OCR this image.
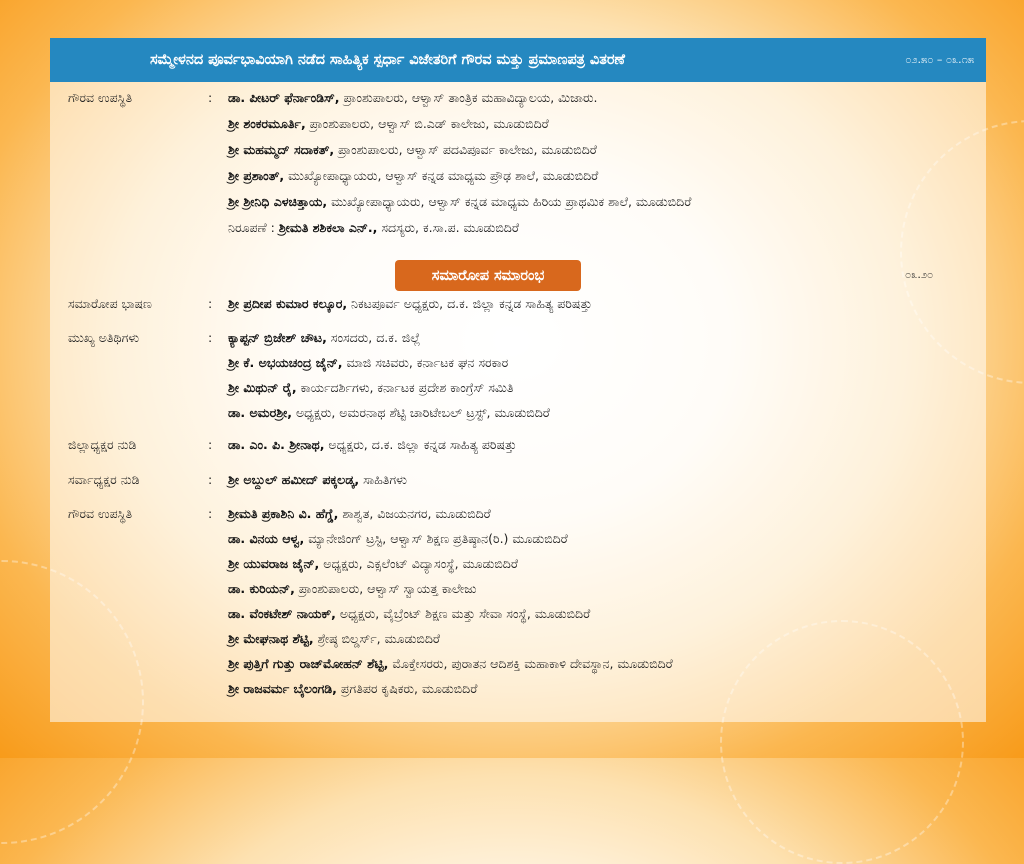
ಸಮ್ಮೇಳನದ ಪೂರ್ವಭಾವಿಯಾಗಿ ನಡೆದ ಸಾಹಿತ್ಯಿಕ ಸ್ಪರ್ಧಾ ವಿಜೇತರಿಗೆ ಗೌರವ ಮತ್ತು ಪ್ರಮಾಣಪತ್ರ ವಿತರಣೆ	೦೨.೫೦ – ೦೩.೧೫
ಗೌರವ ಉಪಸ್ಥಿತಿ	: ಡಾ. ಪೀಟರ್ ಫೆರ್ನಾಂಡಿಸ್, ಪ್ರಾಂಶುಪಾಲರು, ಆಳ್ವಾಸ್ ತಾಂತ್ರಿಕ ಮಹಾವಿದ್ಯಾಲಯ, ಮಿಜಾರು.
ಶ್ರೀ ಶಂಕರಮೂರ್ತಿ, ಪ್ರಾಂಶುಪಾಲರು, ಆಳ್ವಾಸ್ ಬಿ.ಎಡ್ ಕಾಲೇಜು, ಮೂಡುಬಿದಿರೆ
ಶ್ರೀ ಮಹಮ್ಮದ್ ಸದಾಕತ್, ಪ್ರಾಂಶುಪಾಲರು, ಆಳ್ವಾಸ್ ಪದವಿಪೂರ್ವ ಕಾಲೇಜು, ಮೂಡುಬಿದಿರೆ
ಶ್ರೀ ಪ್ರಶಾಂತ್, ಮುಖ್ಯೋಪಾಧ್ಯಾಯರು, ಆಳ್ವಾಸ್ ಕನ್ನಡ ಮಾಧ್ಯಮ ಪ್ರೌಢ ಶಾಲೆ, ಮೂಡುಬಿದಿರೆ
ಶ್ರೀ ಶ್ರೀನಿಧಿ ಎಳಚಿತ್ತಾಯ, ಮುಖ್ಯೋಪಾಧ್ಯಾಯರು, ಆಳ್ವಾಸ್ ಕನ್ನಡ ಮಾಧ್ಯಮ ಹಿರಿಯ ಪ್ರಾಥಮಿಕ ಶಾಲೆ, ಮೂಡುಬಿದಿರೆ
ನಿರೂಪಣೆ : ಶ್ರೀಮತಿ ಶಶಿಕಲಾ ಎನ್., ಸದಸ್ಯರು, ಕ.ಸಾ.ಪ. ಮೂಡುಬಿದಿರೆ
ಸಮಾರೋಪ ಸಮಾರಂಭ	೦೩.೨೦
ಸಮಾರೋಪ ಭಾಷಣ	: ಶ್ರೀ ಪ್ರದೀಪ ಕುಮಾರ ಕಲ್ಕೂರ, ನಿಕಟಪೂರ್ವ ಅಧ್ಯಕ್ಷರು, ದ.ಕ. ಜಿಲ್ಲಾ ಕನ್ನಡ ಸಾಹಿತ್ಯ ಪರಿಷತ್ತು
ಮುಖ್ಯ ಅತಿಥಿಗಳು	: ಕ್ಯಾಪ್ಟನ್ ಬ್ರಿಜೇಶ್ ಚೌಟ, ಸಂಸದರು, ದ.ಕ. ಜಿಲ್ಲೆ
ಶ್ರೀ ಕೆ. ಅಭಯಚಂದ್ರ ಜೈನ್, ಮಾಜಿ ಸಚಿವರು, ಕರ್ನಾಟಕ ಘನ ಸರಕಾರ
ಶ್ರೀ ಮಿಥುನ್ ರೈ, ಕಾರ್ಯದರ್ಶಿಗಳು, ಕರ್ನಾಟಕ ಪ್ರದೇಶ ಕಾಂಗ್ರೆಸ್ ಸಮಿತಿ
ಡಾ. ಅಮರಶ್ರೀ, ಅಧ್ಯಕ್ಷರು, ಅಮರನಾಥ ಶೆಟ್ಟಿ ಚಾರಿಟೇಬಲ್ ಟ್ರಸ್ಟ್, ಮೂಡುಬಿದಿರೆ
ಜಿಲ್ಲಾಧ್ಯಕ್ಷರ ನುಡಿ	: ಡಾ. ಎಂ. ಪಿ. ಶ್ರೀನಾಥ, ಅಧ್ಯಕ್ಷರು, ದ.ಕ. ಜಿಲ್ಲಾ ಕನ್ನಡ ಸಾಹಿತ್ಯ ಪರಿಷತ್ತು
ಸರ್ವಾಧ್ಯಕ್ಷರ ನುಡಿ	: ಶ್ರೀ ಅಬ್ದುಲ್ ಹಮೀದ್ ಪಕ್ಕಲಡ್ಕ, ಸಾಹಿತಿಗಳು
ಗೌರವ ಉಪಸ್ಥಿತಿ	: ಶ್ರೀಮತಿ ಪ್ರಕಾಶಿನಿ ವಿ. ಹೆಗ್ಡೆ, ಶಾಶ್ವತ, ವಿಜಯನಗರ, ಮೂಡುಬಿದಿರೆ
ಡಾ. ವಿನಯ ಆಳ್ವ, ಮ್ಯಾನೇಜಿಂಗ್ ಟ್ರಸ್ಟಿ, ಆಳ್ವಾಸ್ ಶಿಕ್ಷಣ ಪ್ರತಿಷ್ಠಾನ(ರಿ.) ಮೂಡುಬಿದಿರೆ
ಶ್ರೀ ಯುವರಾಜ ಜೈನ್, ಅಧ್ಯಕ್ಷರು, ಎಕ್ಸಲೆಂಟ್ ವಿದ್ಯಾಸಂಸ್ಥೆ, ಮೂಡುಬಿದಿರೆ
ಡಾ. ಕುರಿಯನ್, ಪ್ರಾಂಶುಪಾಲರು, ಆಳ್ವಾಸ್ ಸ್ವಾಯತ್ತ ಕಾಲೇಜು
ಡಾ. ವೆಂಕಟೇಶ್ ನಾಯಕ್, ಅಧ್ಯಕ್ಷರು, ವೈಬ್ರೆಂಟ್ ಶಿಕ್ಷಣ ಮತ್ತು ಸೇವಾ ಸಂಸ್ಥೆ, ಮೂಡುಬಿದಿರೆ
ಶ್ರೀ ಮೇಘನಾಥ ಶೆಟ್ಟಿ, ಶ್ರೇಷ್ಠ ಬಿಲ್ಡರ್ಸ್, ಮೂಡುಬಿದಿರೆ
ಶ್ರೀ ಪುತ್ತಿಗೆ ಗುತ್ತು ರಾಜ್‌ಮೋಹನ್ ಶೆಟ್ಟಿ, ಮೊಕ್ತೇಸರರು, ಪುರಾತನ ಆದಿಶಕ್ತಿ ಮಹಾಕಾಳಿ ದೇವಸ್ಥಾನ, ಮೂಡುಬಿದಿರೆ
ಶ್ರೀ ರಾಜವರ್ಮ ಬೈಲಂಗಡಿ, ಪ್ರಗತಿಪರ ಕೃಷಿಕರು, ಮೂಡುಬಿದಿರೆ
